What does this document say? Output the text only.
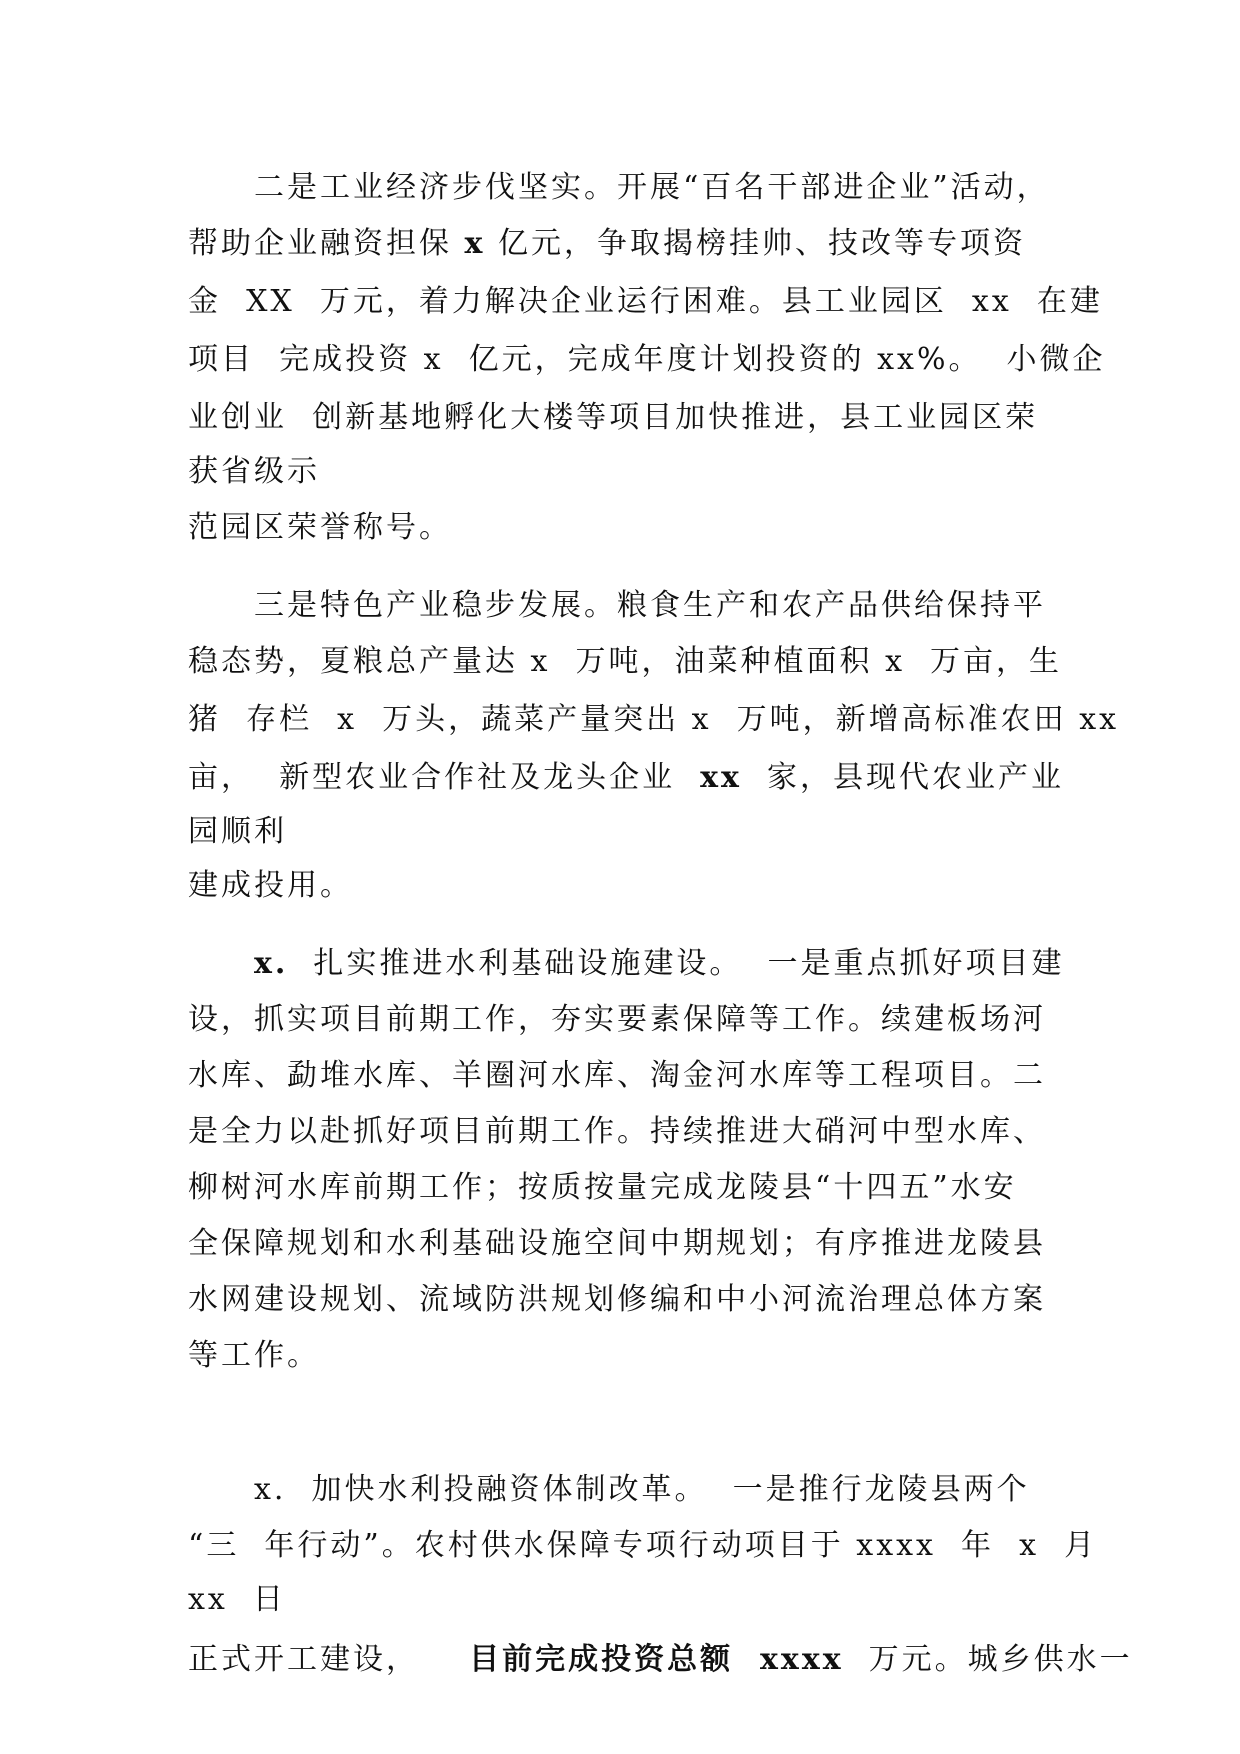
二是工业经济步伐坚实。开展“百名干部进企业”活动，
帮助企业融资担保 x 亿元，争取揭榜挂帅、技改等专项资
金  XX  万元，着力解决企业运行困难。县工业园区  xx  在建
项目  完成投资 x  亿元，完成年度计划投资的 xx%。  小微企
业创业  创新基地孵化大楼等项目加快推进，县工业园区荣
获省级示
范园区荣誉称号。
三是特色产业稳步发展。粮食生产和农产品供给保持平
稳态势，夏粮总产量达 x  万吨，油菜种植面积 x  万亩，生
猪  存栏  x  万头，蔬菜产量突出 x  万吨，新增高标准农田 xx
亩，  新型农业合作社及龙头企业  xx  家，县现代农业产业
园顺利
建成投用。
x.  扎实推进水利基础设施建设。  一是重点抓好项目建
设，抓实项目前期工作，夯实要素保障等工作。续建板场河
水库、勐堆水库、羊圈河水库、淘金河水库等工程项目。二
是全力以赴抓好项目前期工作。持续推进大硝河中型水库、
柳树河水库前期工作；按质按量完成龙陵县“十四五”水安
全保障规划和水利基础设施空间中期规划；有序推进龙陵县
水网建设规划、流域防洪规划修编和中小河流治理总体方案
等工作。
x.  加快水利投融资体制改革。  一是推行龙陵县两个
“三  年行动”。农村供水保障专项行动项目于 xxxx  年  x  月
xx  日
正式开工建设，    目前完成投资总额  xxxx  万元。城乡供水一
